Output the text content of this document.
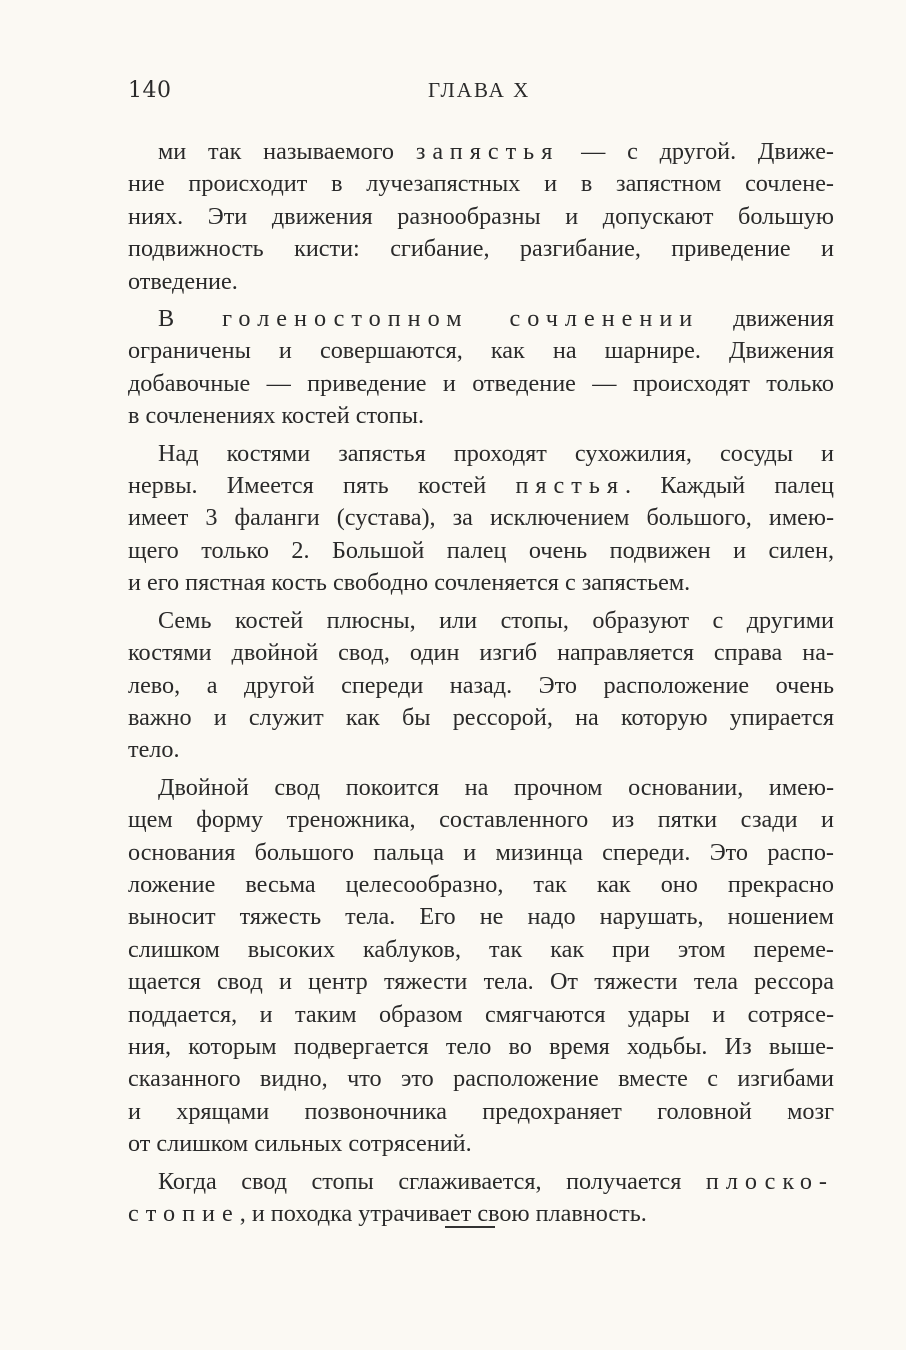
140	ГЛАВА X
ми так называемого запястья — с другой. Движе-
ние происходит в лучезапястных и в запястном сочлене-
ниях. Эти движения разнообразны и допускают большую
подвижность кисти: сгибание, разгибание, приведение и
отведение.
В голеностопном сочленении движения
ограничены и совершаются, как на шарнире. Движения
добавочные — приведение и отведение — происходят только
в сочленениях костей стопы.
Над костями запястья проходят сухожилия, сосуды и
нервы. Имеется пять костей пястья. Каждый палец
имеет 3 фаланги (сустава), за исключением большого, имею-
щего только 2. Большой палец очень подвижен и силен,
и его пястная кость свободно сочленяется с запястьем.
Семь костей плюсны, или стопы, образуют с другими
костями двойной свод, один изгиб направляется справа на-
лево, а другой спереди назад. Это расположение очень
важно и служит как бы рессорой, на которую упирается
тело.
Двойной свод покоится на прочном основании, имею-
щем форму треножника, составленного из пятки сзади и
основания большого пальца и мизинца спереди. Это распо-
ложение весьма целесообразно, так как оно прекрасно
выносит тяжесть тела. Его не надо нарушать, ношением
слишком высоких каблуков, так как при этом переме-
щается свод и центр тяжести тела. От тяжести тела рессора
поддается, и таким образом смягчаются удары и сотрясе-
ния, которым подвергается тело во время ходьбы. Из выше-
сказанного видно, что это расположение вместе с изгибами
и хрящами позвоночника предохраняет головной мозг
от слишком сильных сотрясений.
Когда свод стопы сглаживается, получается плоско-
стопие, и походка утрачивает свою плавность.
